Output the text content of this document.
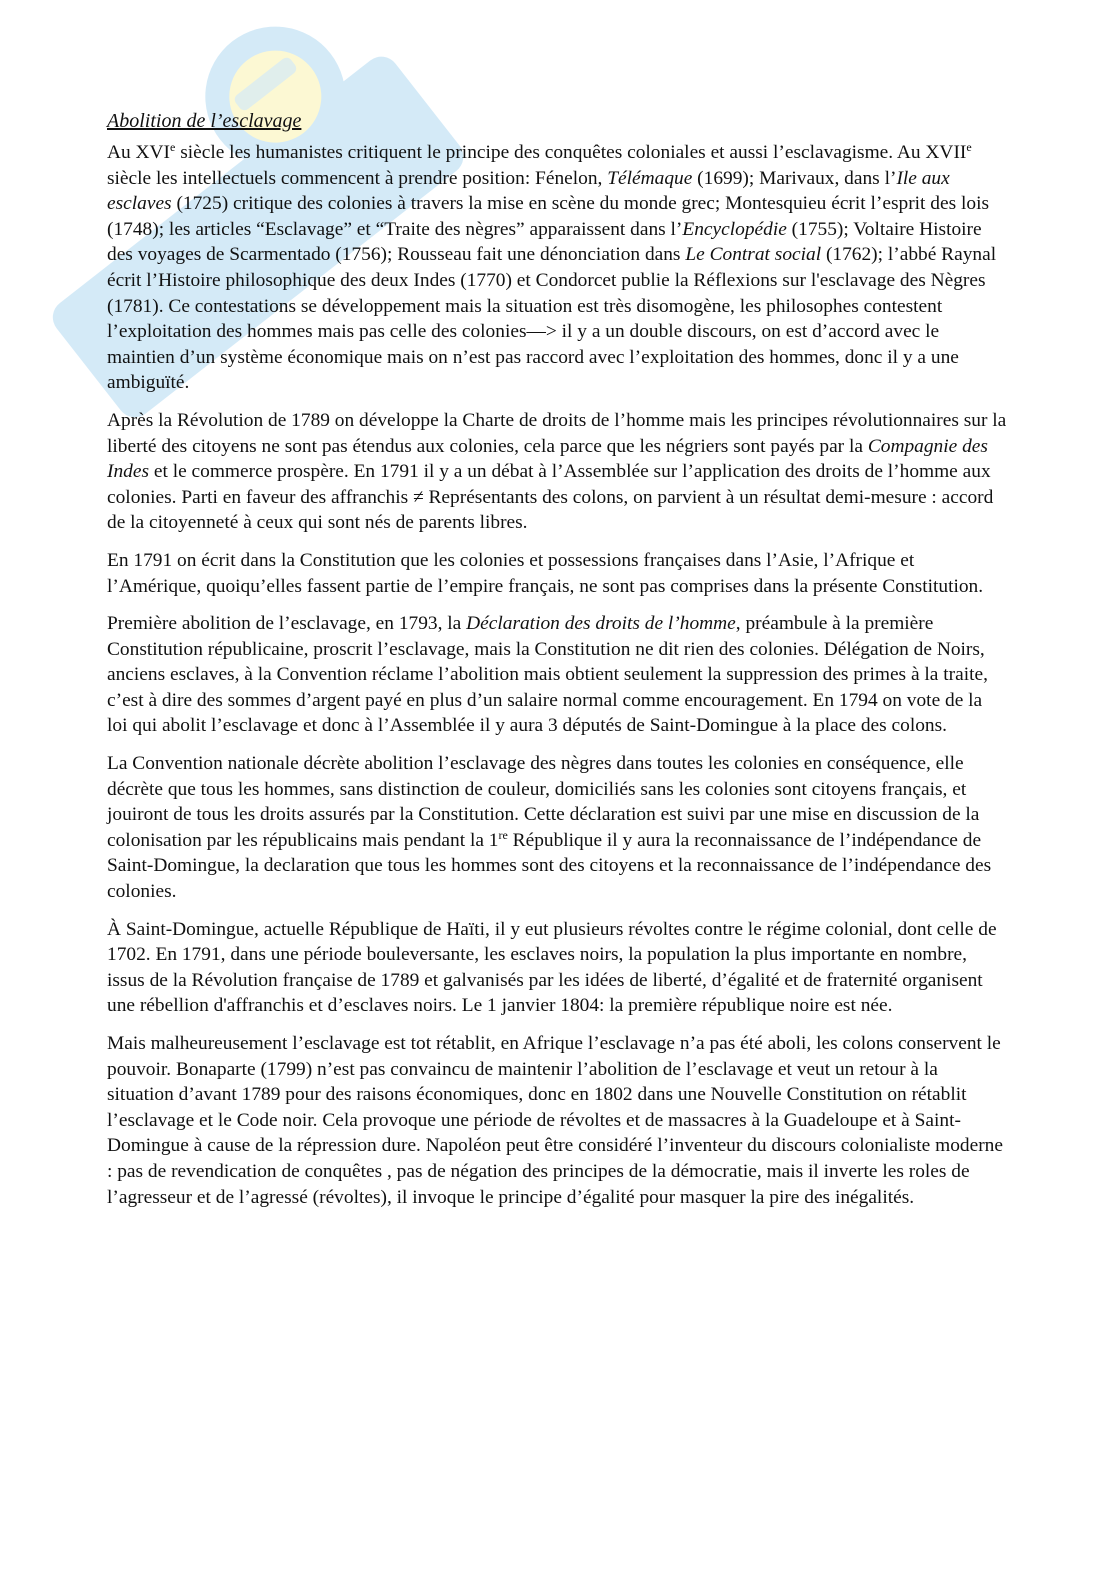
Abolition de l’esclavage

Au XVIe siècle les humanistes critiquent le principe des conquêtes coloniales et aussi l’esclavagisme. Au XVIIe siècle les intellectuels commencent à prendre position: Fénelon, Télémaque (1699); Marivaux, dans l’Ile aux esclaves (1725) critique des colonies à travers la mise en scène du monde grec; Montesquieu écrit l’esprit des lois (1748); les articles “Esclavage” et “Traite des nègres” apparaissent dans l’Encyclopédie (1755); Voltaire Histoire des voyages de Scarmentado (1756); Rousseau fait une dénonciation dans Le Contrat social (1762); l’abbé Raynal écrit l’Histoire philosophique des deux Indes (1770) et Condorcet publie la Réflexions sur l'esclavage des Nègres (1781). Ce contestations se développement mais la situation est très disomogène, les philosophes contestent l’exploitation des hommes mais pas celle des colonies—> il y a un double discours, on est d’accord avec le maintien d’un système économique mais on n’est pas raccord avec l’exploitation des hommes, donc il y a une ambiguïté.

Après la Révolution de 1789 on développe la Charte de droits de l’homme mais les principes révolutionnaires sur la liberté des citoyens ne sont pas étendus aux colonies, cela parce que les négriers sont payés par la Compagnie des Indes et le commerce prospère. En 1791 il y a un débat à l’Assemblée sur l’application des droits de l’homme aux colonies. Parti en faveur des affranchis ≠ Représentants des colons, on parvient à un résultat demi-mesure : accord de la citoyenneté à ceux qui sont nés de parents libres.

En 1791 on écrit dans la Constitution que les colonies et possessions françaises dans l’Asie, l’Afrique et l’Amérique, quoiqu’elles fassent partie de l’empire français, ne sont pas comprises dans la présente Constitution.

Première abolition de l’esclavage, en 1793, la Déclaration des droits de l’homme, préambule à la première Constitution républicaine, proscrit l’esclavage, mais la Constitution ne dit rien des colonies. Délégation de Noirs, anciens esclaves, à la Convention réclame l’abolition mais obtient seulement la suppression des primes à la traite, c’est à dire des sommes d’argent payé en plus d’un salaire normal comme encouragement. En 1794 on vote de la loi qui abolit l’esclavage et donc à l’Assemblée il y aura 3 députés de Saint-Domingue à la place des colons.

La Convention nationale décrète abolition l’esclavage des nègres dans toutes les colonies en conséquence, elle décrète que tous les hommes, sans distinction de couleur, domiciliés sans les colonies sont citoyens français, et jouiront de tous les droits assurés par la Constitution. Cette déclaration est suivi par une mise en discussion de la colonisation par les républicains mais pendant la 1re République il y aura la reconnaissance de l’indépendance de Saint-Domingue, la declaration que tous les hommes sont des citoyens et la reconnaissance de l’indépendance des colonies.

À Saint-Domingue, actuelle République de Haïti, il y eut plusieurs révoltes contre le régime colonial, dont celle de 1702. En 1791, dans une période bouleversante, les esclaves noirs, la population la plus importante en nombre, issus de la Révolution française de 1789 et galvanisés par les idées de liberté, d’égalité et de fraternité organisent une rébellion d'affranchis et d’esclaves noirs. Le 1 janvier 1804: la première république noire est née.

Mais malheureusement l’esclavage est tot rétablit, en Afrique l’esclavage n’a pas été aboli, les colons conservent le pouvoir. Bonaparte (1799) n’est pas convaincu de maintenir l’abolition de l’esclavage et veut un retour à la situation d’avant 1789 pour des raisons économiques, donc en 1802 dans une Nouvelle Constitution on rétablit l’esclavage et le Code noir. Cela provoque une période de révoltes et de massacres à la Guadeloupe et à Saint-Domingue à cause de la répression dure. Napoléon peut être considéré l’inventeur du discours colonialiste moderne : pas de revendication de conquêtes , pas de négation des principes de la démocratie, mais il inverte les roles de l’agresseur et de l’agressé (révoltes), il invoque le principe d’égalité pour masquer la pire des inégalités.
